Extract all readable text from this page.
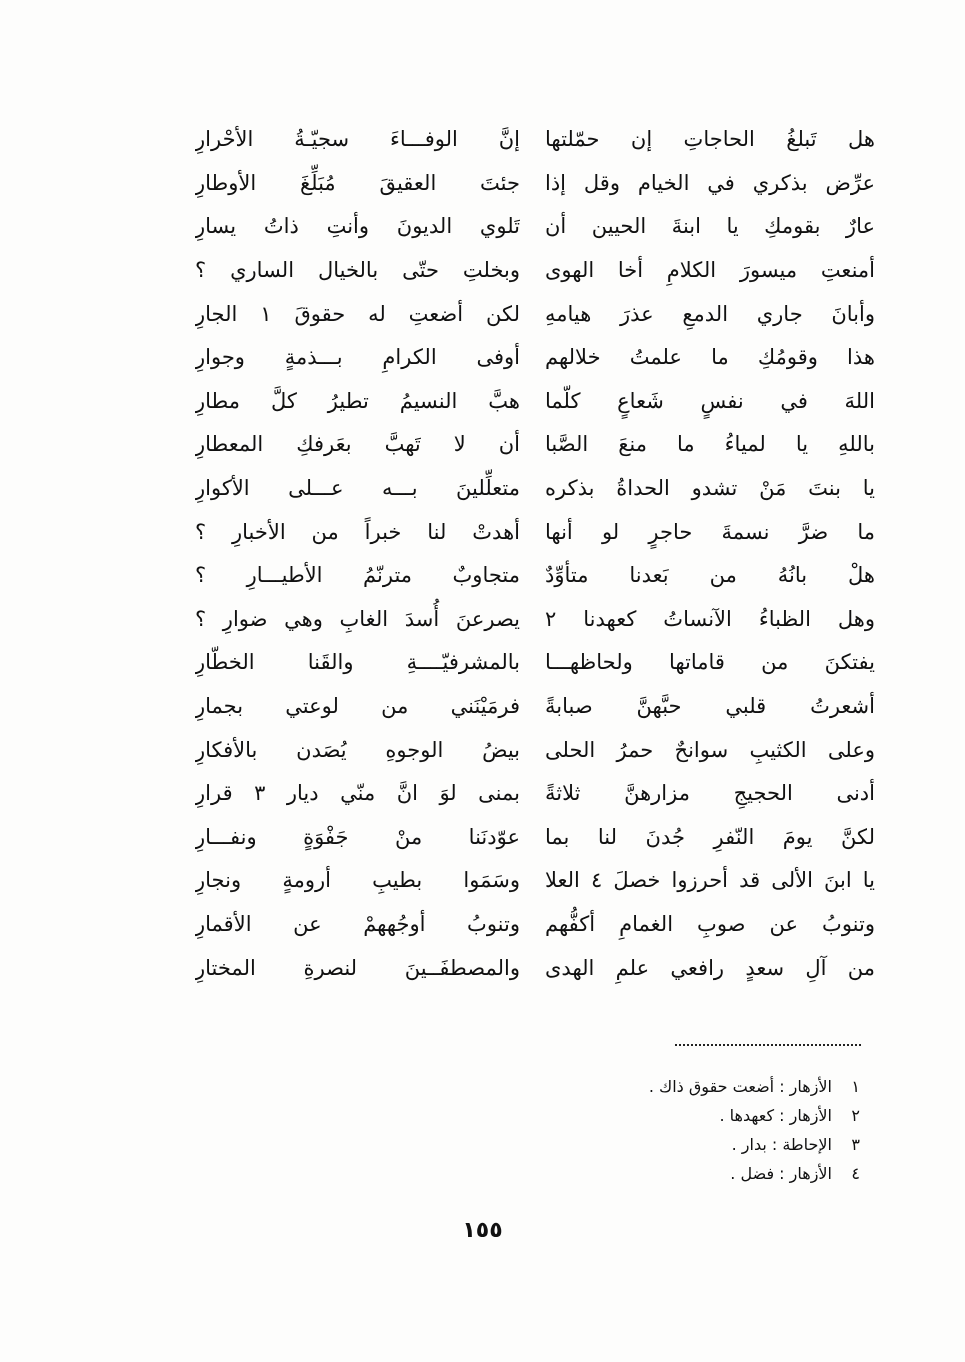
هل تَبلغُ الحاجاتِ إن حمّلتها
إنَّ الوفـــاءَ سجيّـةُ الأحْرارِ
عرِّض بذكري في الخيام وقل إذا
جئتَ العقيقَ مُبَلِّغَ الأوطارِ
عارٌ بقومكِ يا ابنةَ الحيين أن
تَلوي الديونَ وأنتِ ذاتُ يسارِ
أمنعتِ ميسورَ الكلامِ أخا الهوى
وبخلتِ حتّى بالخيال الساري ؟
وأبانَ جاري الدمعِ عذرَ هيامهِ
لكن أضعتِ له حقوقَ ١ الجارِ
هذا وقومُكِ ما علمتُ خلالهم
أوفى الكرامِ بـــذمةٍ وجوارِ
اللهَ في نفسٍ شَعاعٍ كلّما
هبَّ النسيمُ تطيرُ كلَّ مطارِ
باللهِ يا لمياءُ ما منعَ الصَّبا
أن لا تَهبَّ بعَرفكِ المعطارِ
يا بنتَ مَنْ تشدو الحداةُ بذكره
متعلِّلينَ بـــه عـــلى الأكوارِ
ما ضرَّ نسمةَ حاجرٍ لو أنها
أهدتْ لنا خبراً من الأخبارِ ؟
هلْ بانُهُ من بَعدنا متأوِّدٌ
متجاوبٌ مترنّمُ الأطيـــارِ ؟
وهل الظباءُ الآنساتُ كعهدنا ٢
يصرعنَ أُسدَ الغابِ وهي ضوارِ ؟
يفتكنَ من قاماتها ولحاظهـــا
بالمشرفيّــــةِ والقَنا الخطّارِ
أشعرتُ قلبي حبَّهنَّ صبابةً
فرمَيْنَني من لوعتي بجمارِ
وعلى الكثيبِ سوانحٌ حمرُ الحلى
بيضُ الوجوهِ يُصَدن بالأفكارِ
أدنى الحجيجِ مزارهنَّ ثلاثةً
بمنى لوَ انَّ منّي ديار ٣ قرارِ
لكنَّ يومَ النّفرِ جُدنَ لنا بما
عوّدنَنا منْ جَفْوَةٍ ونفـــارِ
يا ابنَ الألى قد أحرزوا خصلَ ٤ العلا
وسَمَوا بطيبِ أرومةٍ ونجارِ
وتنوبُ عن صوبِ الغمامِ أكفُّهم
وتنوبُ أوجُههمْ عن الأقمارِ
من آلِ سعدٍ رافعي علمِ الهدى
والمصطفَــينَ لنصرةِ المختارِ
١الأزهار : أضعت حقوق ذاك .
٢الأزهار : كعهدها .
٣الإحاطة : بدار .
٤الأزهار : فضل .
١٥٥
